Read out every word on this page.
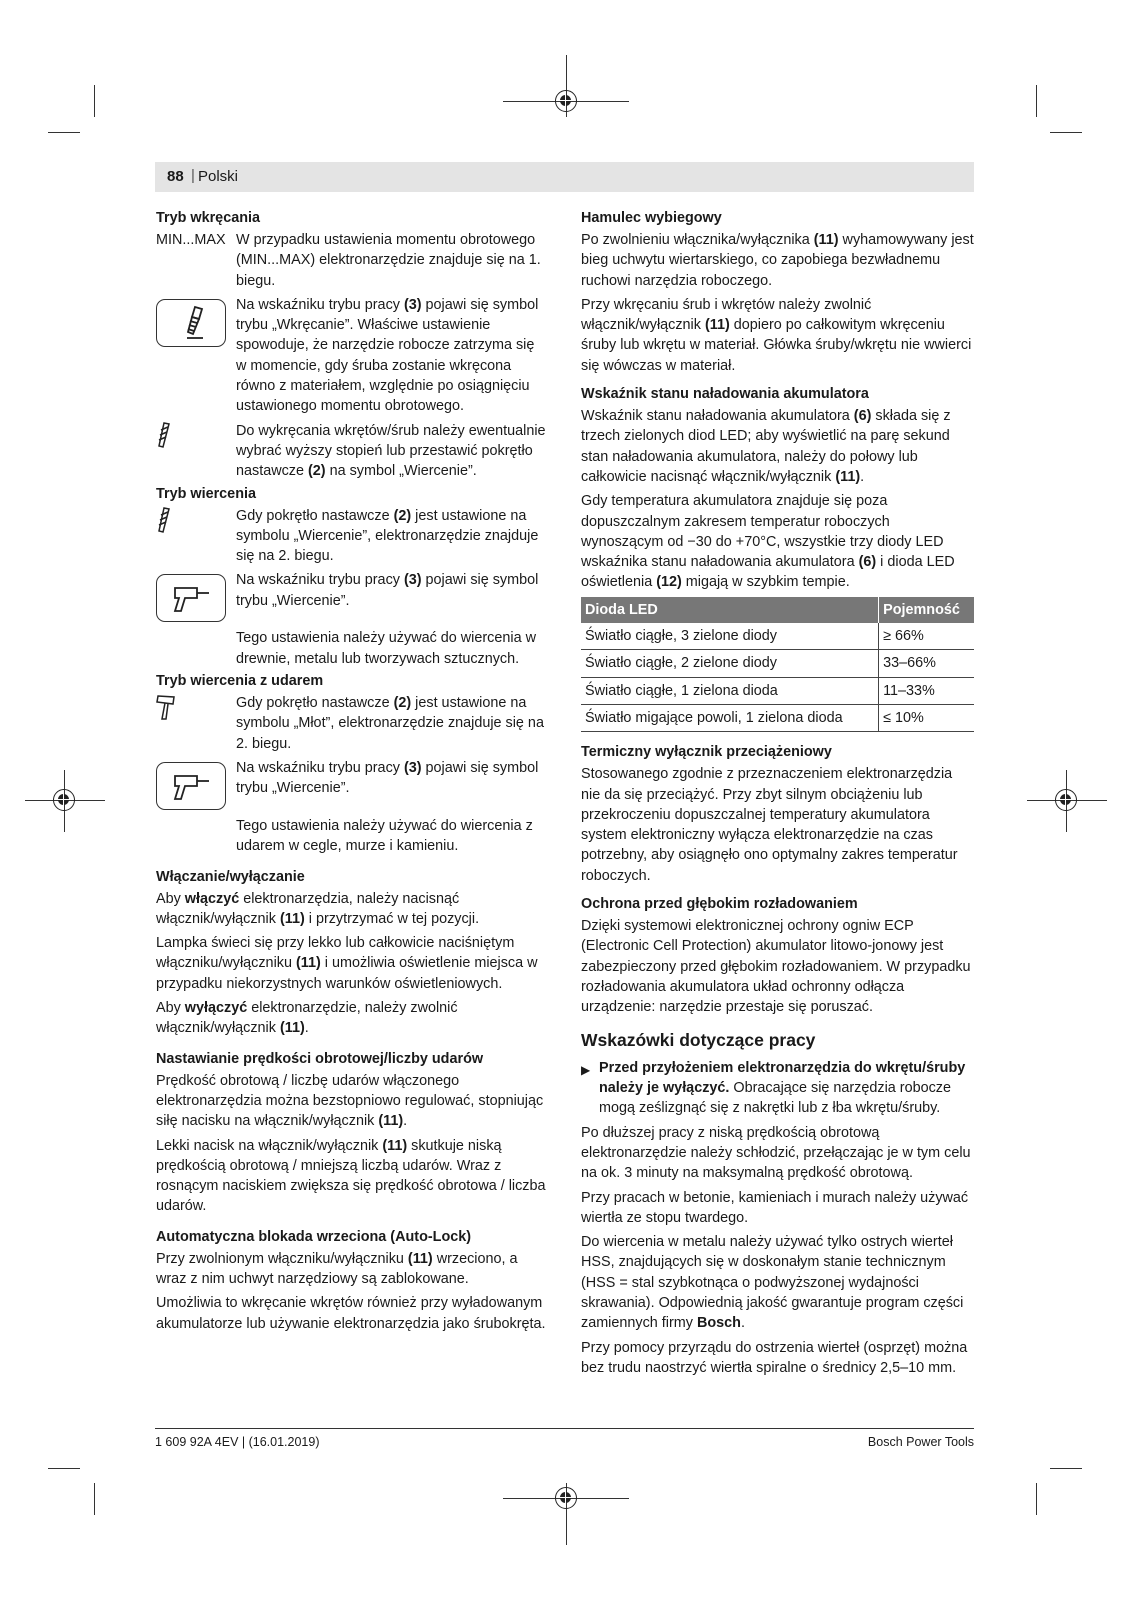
88 | Polski
Tryb wkręcania
MIN...MAX W przypadku ustawienia momentu obrotowego (MIN...MAX) elektronarzędzie znajduje się na 1. biegu.
Na wskaźniku trybu pracy (3) pojawi się symbol trybu „Wkręcanie”. Właściwe ustawienie spowoduje, że narzędzie robocze zatrzyma się w momencie, gdy śruba zostanie wkręcona równo z materiałem, względnie po osiągnięciu ustawionego momentu obrotowego.
Do wykręcania wkrętów/śrub należy ewentualnie wybrać wyższy stopień lub przestawić pokrętło nastawcze (2) na symbol „Wiercenie”.
Tryb wiercenia
Gdy pokrętło nastawcze (2) jest ustawione na symbolu „Wiercenie”, elektronarzędzie znajduje się na 2. biegu.
Na wskaźniku trybu pracy (3) pojawi się symbol trybu „Wiercenie”.
Tego ustawienia należy używać do wiercenia w drewnie, metalu lub tworzywach sztucznych.
Tryb wiercenia z udarem
Gdy pokrętło nastawcze (2) jest ustawione na symbolu „Młot”, elektronarzędzie znajduje się na 2. biegu.
Na wskaźniku trybu pracy (3) pojawi się symbol trybu „Wiercenie”.
Tego ustawienia należy używać do wiercenia z udarem w cegle, murze i kamieniu.
Włączanie/wyłączanie

Aby włączyć elektronarzędzia, należy nacisnąć włącznik/wyłącznik (11) i przytrzymać w tej pozycji.

Lampka świeci się przy lekko lub całkowicie naciśniętym włączniku/wyłączniku (11) i umożliwia oświetlenie miejsca w przypadku niekorzystnych warunków oświetleniowych.

Aby wyłączyć elektronarzędzie, należy zwolnić włącznik/wyłącznik (11).

Nastawianie prędkości obrotowej/liczby udarów

Prędkość obrotową / liczbę udarów włączonego elektronarzędzia można bezstopniowo regulować, stopniując siłę nacisku na włącznik/wyłącznik (11).

Lekki nacisk na włącznik/wyłącznik (11) skutkuje niską prędkością obrotową / mniejszą liczbą udarów. Wraz z rosnącym naciskiem zwiększa się prędkość obrotowa / liczba udarów.

Automatyczna blokada wrzeciona (Auto-Lock)

Przy zwolnionym włączniku/wyłączniku (11) wrzeciono, a wraz z nim uchwyt narzędziowy są zablokowane.

Umożliwia to wkręcanie wkrętów również przy wyładowanym akumulatorze lub używanie elektronarzędzia jako śrubokręta.

Hamulec wybiegowy

Po zwolnieniu włącznika/wyłącznika (11) wyhamowywany jest bieg uchwytu wiertarskiego, co zapobiega bezwładnemu ruchowi narzędzia roboczego.

Przy wkręcaniu śrub i wkrętów należy zwolnić włącznik/wyłącznik (11) dopiero po całkowitym wkręceniu śruby lub wkrętu w materiał. Główka śruby/wkrętu nie wwierci się wówczas w materiał.

Wskaźnik stanu naładowania akumulatora

Wskaźnik stanu naładowania akumulatora (6) składa się z trzech zielonych diod LED; aby wyświetlić na parę sekund stan naładowania akumulatora, należy do połowy lub całkowicie nacisnąć włącznik/wyłącznik (11).

Gdy temperatura akumulatora znajduje się poza dopuszczalnym zakresem temperatur roboczych wynoszącym od −30 do +70°C, wszystkie trzy diody LED wskaźnika stanu naładowania akumulatora (6) i dioda LED oświetlenia (12) migają w szybkim tempie.

Dioda LED	Pojemność
Światło ciągłe, 3 zielone diody	≥ 66%
Światło ciągłe, 2 zielone diody	33–66%
Światło ciągłe, 1 zielona dioda	11–33%
Światło migające powoli, 1 zielona dioda	≤ 10%
Termiczny wyłącznik przeciążeniowy

Stosowanego zgodnie z przeznaczeniem elektronarzędzia nie da się przeciążyć. Przy zbyt silnym obciążeniu lub przekroczeniu dopuszczalnej temperatury akumulatora system elektroniczny wyłącza elektronarzędzie na czas potrzebny, aby osiągnęło ono optymalny zakres temperatur roboczych.

Ochrona przed głębokim rozładowaniem

Dzięki systemowi elektronicznej ochrony ogniw ECP (Electronic Cell Protection) akumulator litowo-jonowy jest zabezpieczony przed głębokim rozładowaniem. W przypadku rozładowania akumulatora układ ochronny odłącza urządzenie: narzędzie przestaje się poruszać.

Wskazówki dotyczące pracy
▶ Przed przyłożeniem elektronarzędzia do wkrętu/śruby należy je wyłączyć. Obracające się narzędzia robocze mogą ześlizgnąć się z nakrętki lub z łba wkrętu/śruby.

Po dłuższej pracy z niską prędkością obrotową elektronarzędzie należy schłodzić, przełączając je w tym celu na ok. 3 minuty na maksymalną prędkość obrotową.

Przy pracach w betonie, kamieniach i murach należy używać wiertła ze stopu twardego.

Do wiercenia w metalu należy używać tylko ostrych wierteł HSS, znajdujących się w doskonałym stanie technicznym (HSS = stal szybkotnąca o podwyższonej wydajności skrawania). Odpowiednią jakość gwarantuje program części zamiennych firmy Bosch.

Przy pomocy przyrządu do ostrzenia wierteł (osprzęt) można bez trudu naostrzyć wiertła spiralne o średnicy 2,5–10 mm.

1 609 92A 4EV | (16.01.2019)	Bosch Power Tools
